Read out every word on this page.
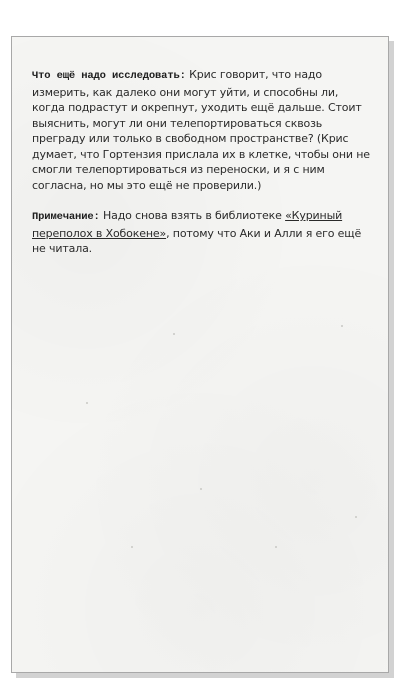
Что ещё надо исследовать: Крис говорит, что надо измерить, как далеко они могут уйти, и способны ли, когда подрастут и окрепнут, уходить ещё дальше. Стоит выяснить, могут ли они телепортироваться сквозь преграду или только в свободном пространстве? (Крис думает, что Гортензия прислала их в клетке, чтобы они не смогли телепортироваться из переноски, и я с ним согласна, но мы это ещё не проверили.)

Примечание: Надо снова взять в библиотеке «Куриный переполох в Хобокене», потому что Аки и Алли я его ещё не читала.
